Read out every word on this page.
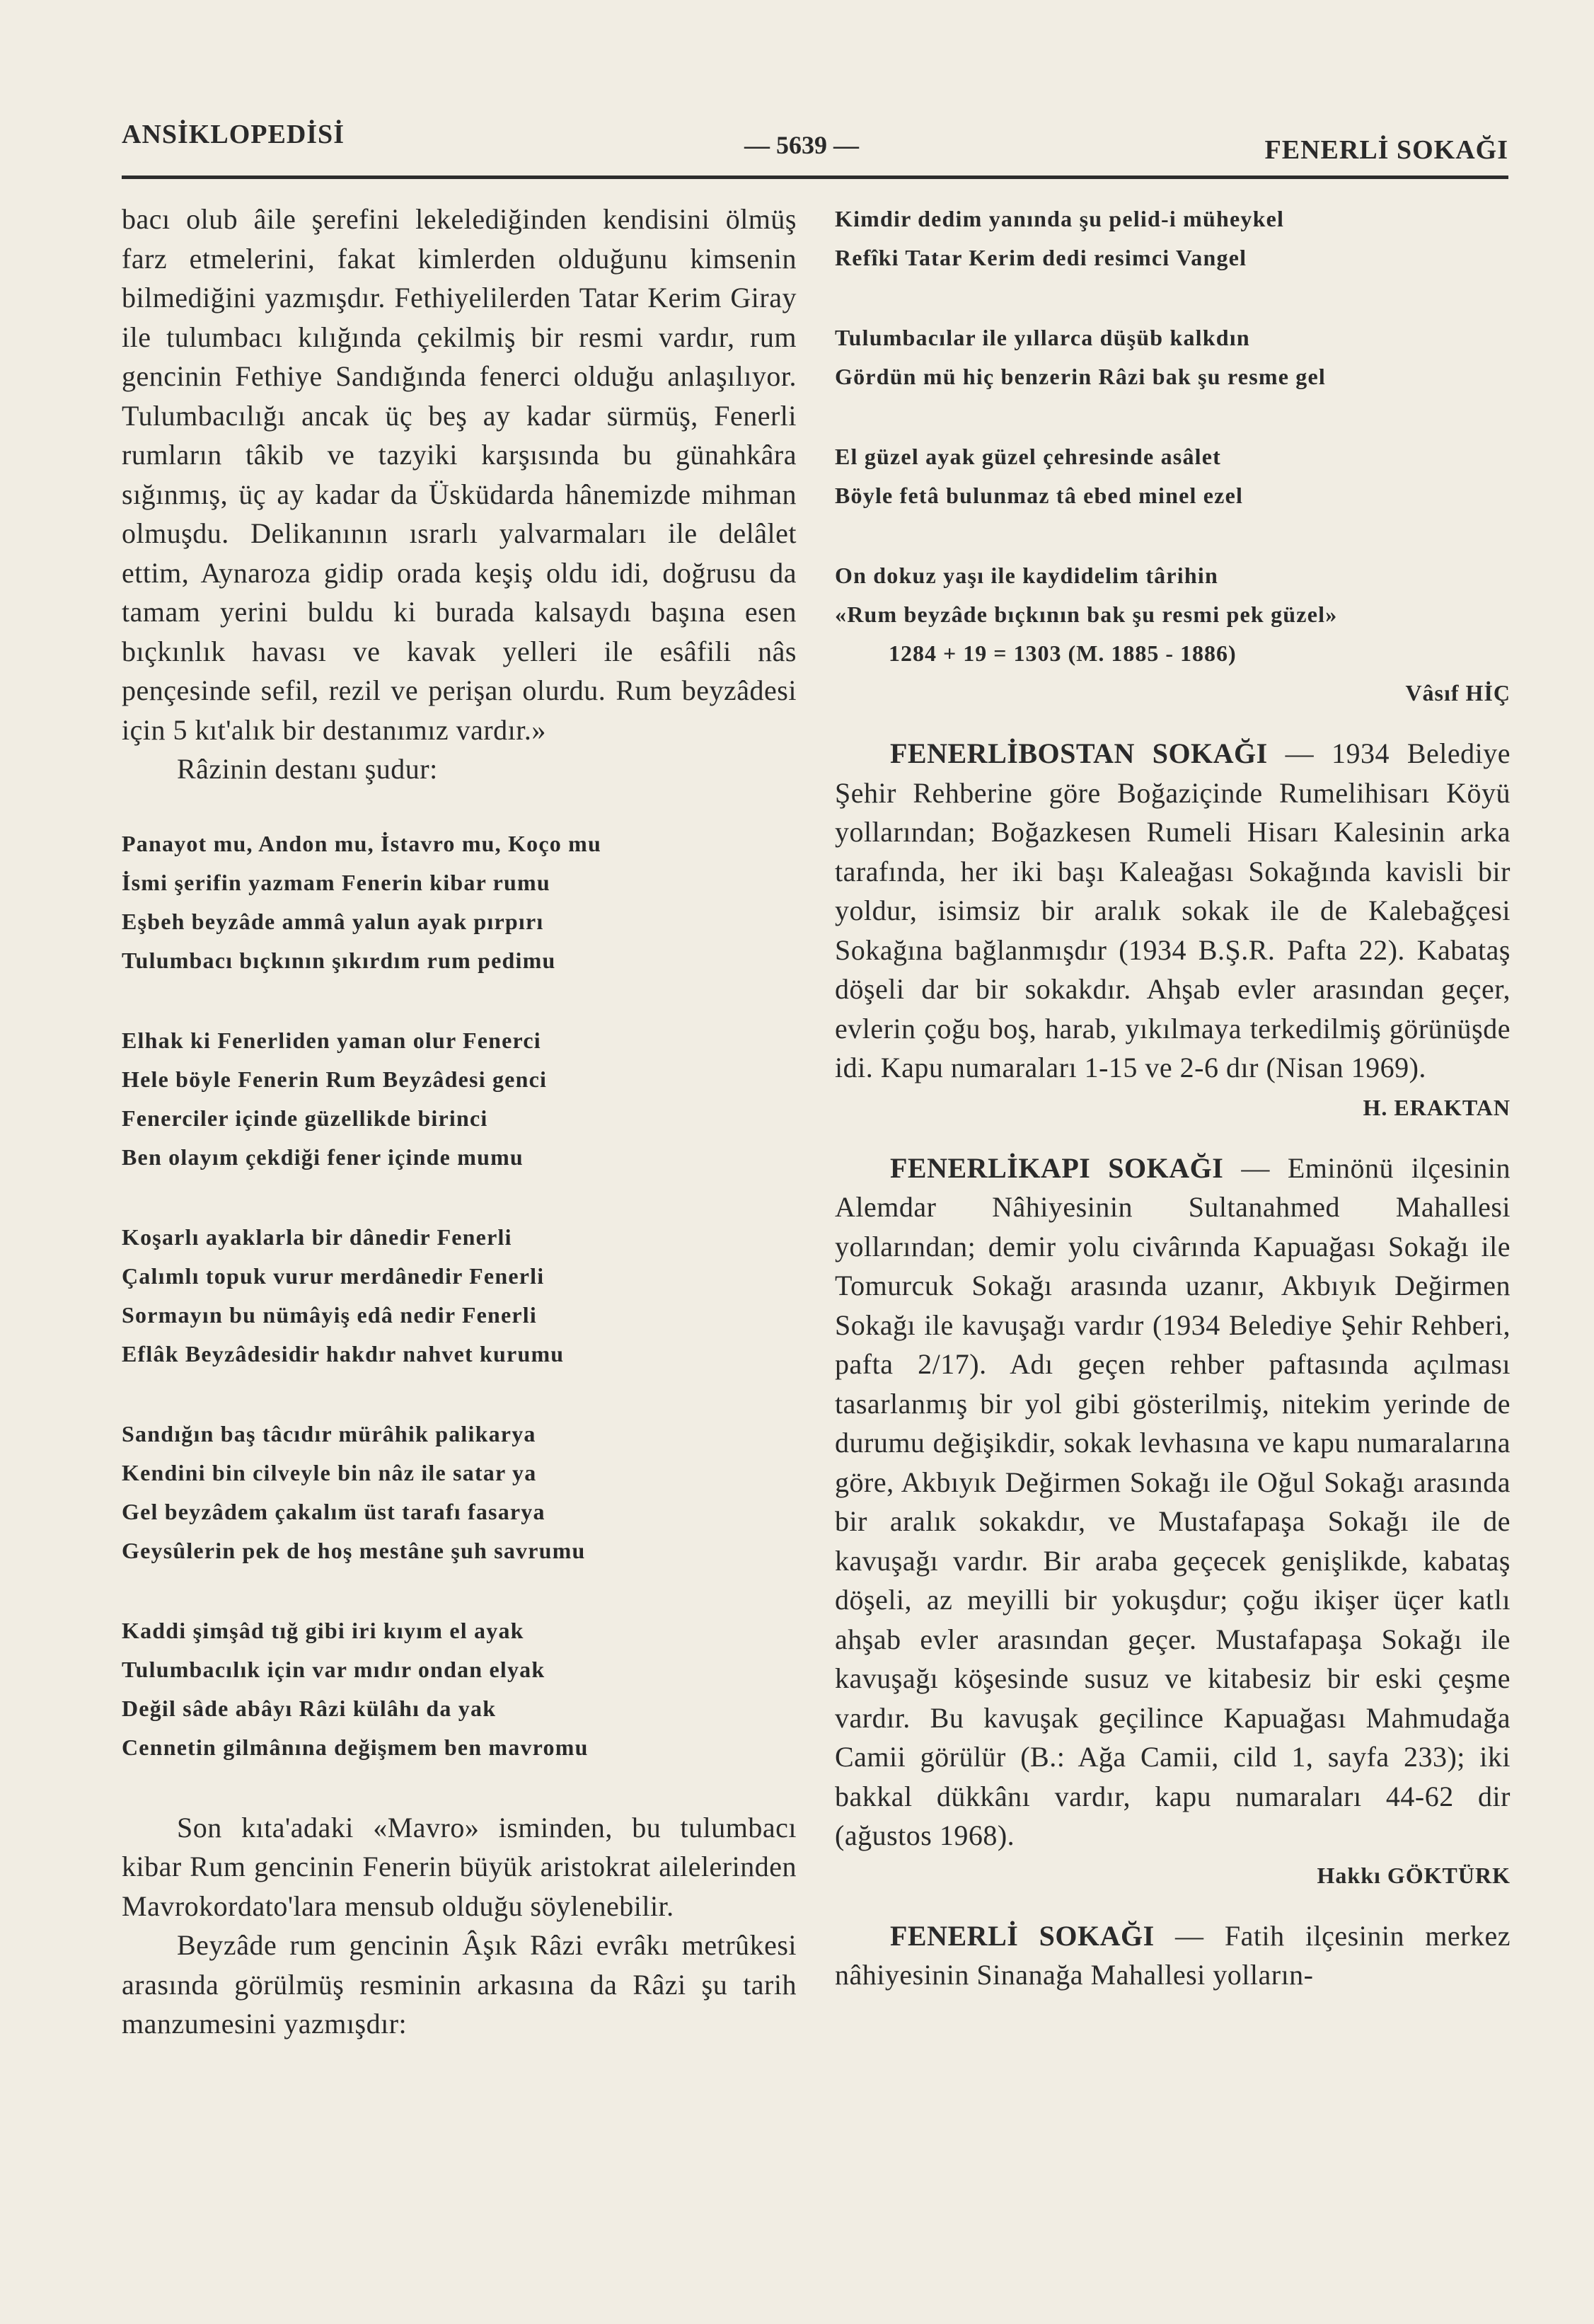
ANSİKLOPEDİSİ	— 5639 —	FENERLİ SOKAĞI

bacı olub âile şerefini lekelediğinden kendisini ölmüş farz etmelerini, fakat kimlerden olduğunu kimsenin bilmediğini yazmışdır. Fethiyelilerden Tatar Kerim Giray ile tulumbacı kılığında çekilmiş bir resmi vardır, rum gencinin Fethiye Sandığında fenerci olduğu anlaşılıyor. Tulumbacılığı ancak üç beş ay kadar sürmüş, Fenerli rumların tâkib ve tazyiki karşısında bu günahkâra sığınmış, üç ay kadar da Üsküdarda hânemizde mihman olmuşdu. Delikanının ısrarlı yalvarmaları ile delâlet ettim, Aynaroza gidip orada keşiş oldu idi, doğrusu da tamam yerini buldu ki burada kalsaydı başına esen bıçkınlık havası ve kavak yelleri ile esâfili nâs pençesinde sefil, rezil ve perişan olurdu. Rum beyzâdesi için 5 kıt'alık bir destanımız vardır.»

Râzinin destanı şudur:

Panayot mu, Andon mu, İstavro mu, Koço mu
İsmi şerifin yazmam Fenerin kibar rumu
Eşbeh beyzâde ammâ yalun ayak pırpırı
Tulumbacı bıçkının şıkırdım rum pedimu
Elhak ki Fenerliden yaman olur Fenerci
Hele böyle Fenerin Rum Beyzâdesi genci
Fenerciler içinde güzellikde birinci
Ben olayım çekdiği fener içinde mumu
Koşarlı ayaklarla bir dânedir Fenerli
Çalımlı topuk vurur merdânedir Fenerli
Sormayın bu nümâyiş edâ nedir Fenerli
Eflâk Beyzâdesidir hakdır nahvet kurumu
Sandığın baş tâcıdır mürâhik palikarya
Kendini bin cilveyle bin nâz ile satar ya
Gel beyzâdem çakalım üst tarafı fasarya
Geysûlerin pek de hoş mestâne şuh savrumu
Kaddi şimşâd tığ gibi iri kıyım el ayak
Tulumbacılık için var mıdır ondan elyak
Değil sâde abâyı Râzi külâhı da yak
Cennetin gilmânına değişmem ben mavromu

Son kıta'adaki «Mavro» isminden, bu tulumbacı kibar Rum gencinin Fenerin büyük aristokrat ailelerinden Mavrokordato'lara mensub olduğu söylenebilir.

Beyzâde rum gencinin Âşık Râzi evrâkı metrûkesi arasında görülmüş resminin arkasına da Râzi şu tarih manzumesini yazmışdır:

Kimdir dedim yanında şu pelid-i müheykel
Refîki Tatar Kerim dedi resimci Vangel
Tulumbacılar ile yıllarca düşüb kalkdın
Gördün mü hiç benzerin Râzi bak şu resme gel
El güzel ayak güzel çehresinde asâlet
Böyle fetâ bulunmaz tâ ebed minel ezel
On dokuz yaşı ile kaydidelim târihin
«Rum beyzâde bıçkının bak şu resmi pek güzel»
1284 + 19 = 1303 (M. 1885 - 1886)
Vâsıf HİÇ

FENERLİBOSTAN SOKAĞI — 1934 Belediye Şehir Rehberine göre Boğaziçinde Rumelihisarı Köyü yollarından; Boğazkesen Rumeli Hisarı Kalesinin arka tarafında, her iki başı Kaleağası Sokağında kavisli bir yoldur, isimsiz bir aralık sokak ile de Kalebağçesi Sokağına bağlanmışdır (1934 B.Ş.R. Pafta 22). Kabataş döşeli dar bir sokakdır. Ahşab evler arasından geçer, evlerin çoğu boş, harab, yıkılmaya terkedilmiş görünüşde idi. Kapu numaraları 1-15 ve 2-6 dır (Nisan 1969).

H. ERAKTAN

FENERLİKAPI SOKAĞI — Eminönü ilçesinin Alemdar Nâhiyesinin Sultanahmed Mahallesi yollarından; demir yolu civârında Kapuağası Sokağı ile Tomurcuk Sokağı arasında uzanır, Akbıyık Değirmen Sokağı ile kavuşağı vardır (1934 Belediye Şehir Rehberi, pafta 2/17). Adı geçen rehber paftasında açılması tasarlanmış bir yol gibi gösterilmiş, nitekim yerinde de durumu değişikdir, sokak levhasına ve kapu numaralarına göre, Akbıyık Değirmen Sokağı ile Oğul Sokağı arasında bir aralık sokakdır, ve Mustafapaşa Sokağı ile de kavuşağı vardır. Bir araba geçecek genişlikde, kabataş döşeli, az meyilli bir yokuşdur; çoğu ikişer üçer katlı ahşab evler arasından geçer. Mustafapaşa Sokağı ile kavuşağı köşesinde susuz ve kitabesiz bir eski çeşme vardır. Bu kavuşak geçilince Kapuağası Mahmudağa Camii görülür (B.: Ağa Camii, cild 1, sayfa 233); iki bakkal dükkânı vardır, kapu numaraları 44-62 dir (ağustos 1968).

Hakkı GÖKTÜRK

FENERLİ SOKAĞI — Fatih ilçesinin merkez nâhiyesinin Sinanağa Mahallesi yolların-
